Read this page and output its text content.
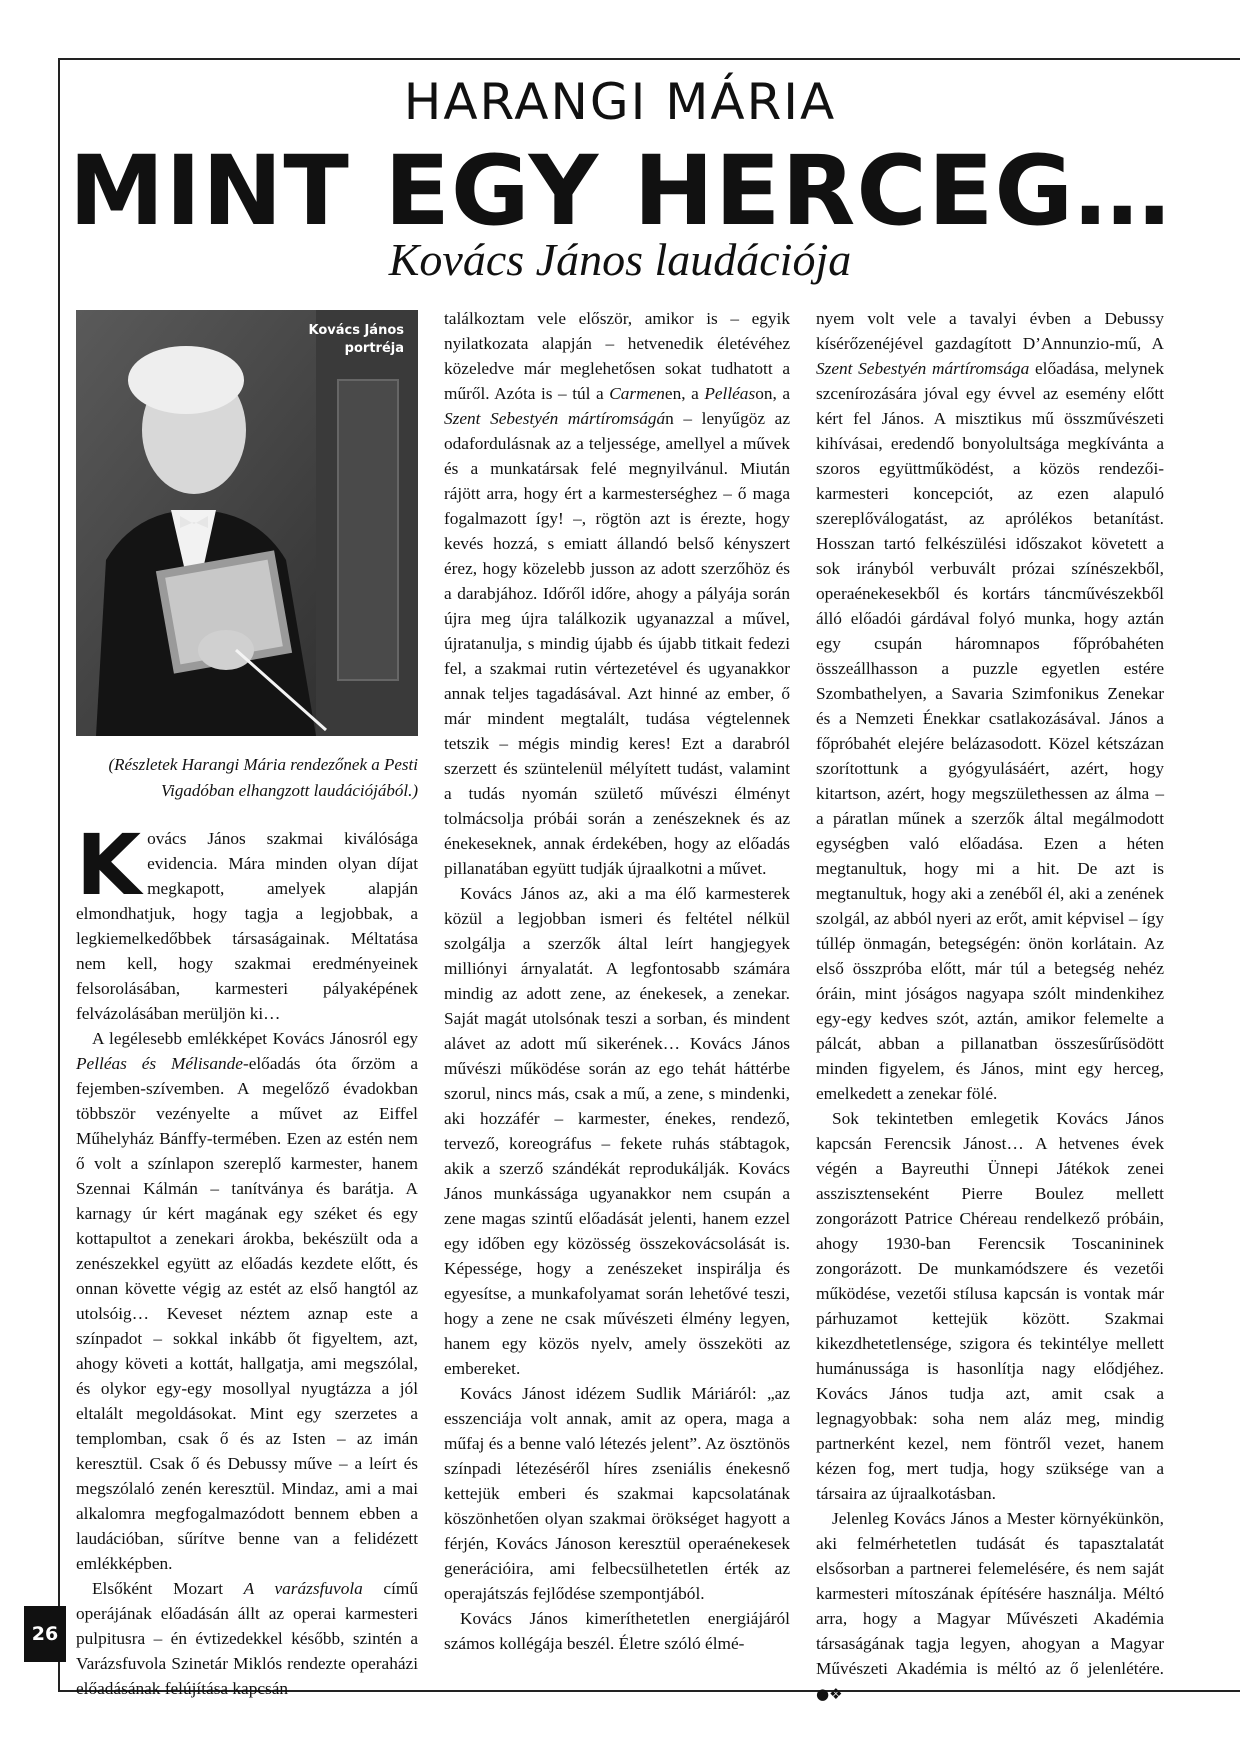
HARANGI MÁRIA
MINT EGY HERCEG…
Kovács János laudációja
Kovács János
portréja
(Részletek Harangi Mária rendezőnek a Pesti Vigadóban elhangzott laudációjából.)

Kovács János szakmai kiválósága evidencia. Mára minden olyan díjat megkapott, amelyek alapján elmondhatjuk, hogy tagja a legjobbak, a legkiemelkedőbbek társaságainak. Méltatása nem kell, hogy szakmai eredményeinek felsorolásában, karmesteri pályaképének felvázolásában merüljön ki…

A legélesebb emlékképet Kovács Jánosról egy Pelléas és Mélisande-előadás óta őrzöm a fejemben-szívemben. A megelőző évadokban többször vezényelte a művet az Eiffel Műhelyház Bánffy-termében. Ezen az estén nem ő volt a színlapon szereplő karmester, hanem Szennai Kálmán – tanítványa és barátja. A karnagy úr kért magának egy széket és egy kottapultot a zenekari árokba, bekészült oda a zenészekkel együtt az előadás kezdete előtt, és onnan követte végig az estét az első hangtól az utolsóig… Keveset néztem aznap este a színpadot – sokkal inkább őt figyeltem, azt, ahogy követi a kottát, hallgatja, ami megszólal, és olykor egy-egy mosollyal nyugtázza a jól eltalált megoldásokat. Mint egy szerzetes a templomban, csak ő és az Isten – az imán keresztül. Csak ő és Debussy műve – a leírt és megszólaló zenén keresztül. Mindaz, ami a mai alkalomra megfogalmazódott bennem ebben a laudációban, sűrítve benne van a felidézett emlékképben.

Elsőként Mozart A varázsfuvola című operájának előadásán állt az operai karmesteri pulpitusra – én évtizedekkel később, szintén a Varázsfuvola Szinetár Miklós rendezte operaházi előadásának felújítása kapcsán

találkoztam vele először, amikor is – egyik nyilatkozata alapján – hetvenedik életévéhez közeledve már meglehetősen sokat tudhatott a műről. Azóta is – túl a Carmenen, a Pelléason, a Szent Sebestyén mártíromságán – lenyűgöz az odafordulásnak az a teljessége, amellyel a művek és a munkatársak felé megnyilvánul. Miután rájött arra, hogy ért a karmesterséghez – ő maga fogalmazott így! –, rögtön azt is érezte, hogy kevés hozzá, s emiatt állandó belső kényszert érez, hogy közelebb jusson az adott szerzőhöz és a darabjához. Időről időre, ahogy a pályája során újra meg újra találkozik ugyanazzal a művel, újratanulja, s mindig újabb és újabb titkait fedezi fel, a szakmai rutin vértezetével és ugyanakkor annak teljes tagadásával. Azt hinné az ember, ő már mindent megtalált, tudása végtelennek tetszik – mégis mindig keres! Ezt a darabról szerzett és szüntelenül mélyített tudást, valamint a tudás nyomán születő művészi élményt tolmácsolja próbái során a zenészeknek és az énekeseknek, annak érdekében, hogy az előadás pillanatában együtt tudják újraalkotni a művet.

Kovács János az, aki a ma élő karmesterek közül a legjobban ismeri és feltétel nélkül szolgálja a szerzők által leírt hangjegyek milliónyi árnyalatát. A legfontosabb számára mindig az adott zene, az énekesek, a zenekar. Saját magát utolsónak teszi a sorban, és mindent alávet az adott mű sikerének… Kovács János művészi működése során az ego tehát háttérbe szorul, nincs más, csak a mű, a zene, s mindenki, aki hozzáfér – karmester, énekes, rendező, tervező, koreográfus – fekete ruhás stábtagok, akik a szerző szándékát reprodukálják. Kovács János munkássága ugyanakkor nem csupán a zene magas szintű előadását jelenti, hanem ezzel egy időben egy közösség összekovácsolását is. Képessége, hogy a zenészeket inspirálja és egyesítse, a munkafolyamat során lehetővé teszi, hogy a zene ne csak művészeti élmény legyen, hanem egy közös nyelv, amely összeköti az embereket.

Kovács Jánost idézem Sudlik Máriáról: „az esszenciája volt annak, amit az opera, maga a műfaj és a benne való létezés jelent”. Az ösztönös színpadi létezéséről híres zseniális énekesnő kettejük emberi és szakmai kapcsolatának köszönhetően olyan szakmai örökséget hagyott a férjén, Kovács Jánoson keresztül operaénekesek generációira, ami felbecsülhetetlen érték az operajátszás fejlődése szempontjából.

Kovács János kimeríthetetlen energiájáról számos kollégája beszél. Életre szóló élmé-

nyem volt vele a tavalyi évben a Debussy kísérőzenéjével gazdagított D’Annunzio-mű, A Szent Sebestyén mártíromsága előadása, melynek szcenírozására jóval egy évvel az esemény előtt kért fel János. A misztikus mű összművészeti kihívásai, eredendő bonyolultsága megkívánta a szoros együttműködést, a közös rendezői-karmesteri koncepciót, az ezen alapuló szereplőválogatást, az aprólékos betanítást. Hosszan tartó felkészülési időszakot követett a sok irányból verbuvált prózai színészekből, operaénekesekből és kortárs táncművészekből álló előadói gárdával folyó munka, hogy aztán egy csupán háromnapos főpróbahéten összeállhasson a puzzle egyetlen estére Szombathelyen, a Savaria Szimfonikus Zenekar és a Nemzeti Énekkar csatlakozásával. János a főpróbahét elejére belázasodott. Közel kétszázan szorítottunk a gyógyulásáért, azért, hogy kitartson, azért, hogy megszülethessen az álma – a páratlan műnek a szerzők által megálmodott egységben való előadása. Ezen a héten megtanultuk, hogy mi a hit. De azt is megtanultuk, hogy aki a zenéből él, aki a zenének szolgál, az abból nyeri az erőt, amit képvisel – így túllép önmagán, betegségén: önön korlátain. Az első összpróba előtt, már túl a betegség nehéz óráin, mint jóságos nagyapa szólt mindenkihez egy-egy kedves szót, aztán, amikor felemelte a pálcát, abban a pillanatban összesűrűsödött minden figyelem, és János, mint egy herceg, emelkedett a zenekar fölé.

Sok tekintetben emlegetik Kovács János kapcsán Ferencsik Jánost… A hetvenes évek végén a Bayreuthi Ünnepi Játékok zenei asszisztenseként Pierre Boulez mellett zongorázott Patrice Chéreau rendelkező próbáin, ahogy 1930-ban Ferencsik Toscanininek zongorázott. De munkamódszere és vezetői működése, vezetői stílusa kapcsán is vontak már párhuzamot kettejük között. Szakmai kikezdhetetlensége, szigora és tekintélye mellett humánussága is hasonlítja nagy elődjéhez. Kovács János tudja azt, amit csak a legnagyobbak: soha nem aláz meg, mindig partnerként kezel, nem föntről vezet, hanem kézen fog, mert tudja, hogy szüksége van a társaira az újraalkotásban.

Jelenleg Kovács János a Mester környékünkön, aki felmérhetetlen tudását és tapasztalatát elsősorban a partnerei felemelésére, és nem saját karmesteri mítoszának építésére használja. Méltó arra, hogy a Magyar Művészeti Akadémia társaságának tagja legyen, ahogyan a Magyar Művészeti Akadémia is méltó az ő jelenlétére. ●❖

26
